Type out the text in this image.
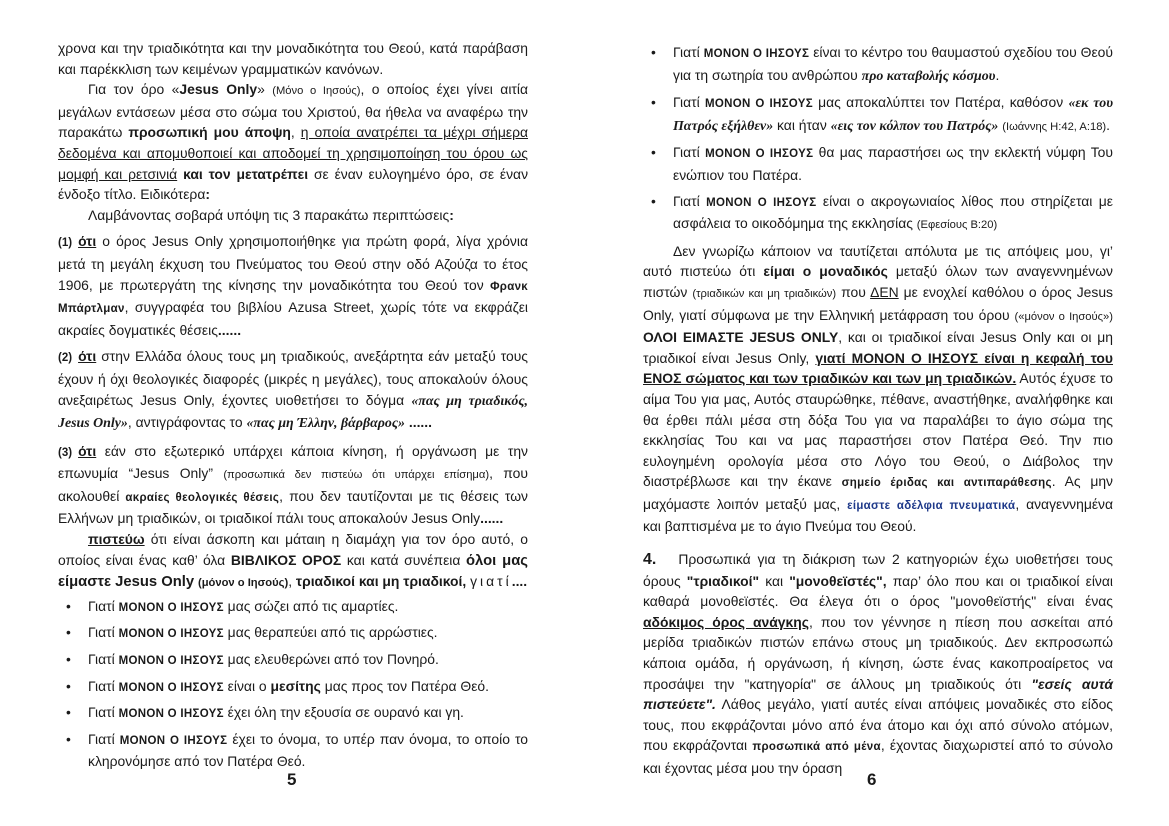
χρονα και την τριαδικότητα και την μοναδικότητα του Θεού, κατά παράβαση και παρέκκλιση των κειμένων γραμματικών κανόνων.

Για τον όρο «Jesus Only» (Μόνο ο Ιησούς), ο οποίος έχει γίνει αιτία μεγάλων εντάσεων μέσα στο σώμα του Χριστού, θα ήθελα να αναφέρω την παρακάτω προσωπική μου άποψη, η οποία ανατρέπει τα μέχρι σήμερα δεδομένα και απομυθοποιεί και αποδομεί τη χρησιμοποίηση του όρου ως μομφή και ρετσινιά και τον μετατρέπει σε έναν ευλογημένο όρο, σε έναν ένδοξο τίτλο. Ειδικότερα:

Λαμβάνοντας σοβαρά υπόψη τις 3 παρακάτω περιπτώσεις:

(1) ότι ο όρος Jesus Only χρησιμοποιήθηκε για πρώτη φορά, λίγα χρόνια μετά τη μεγάλη έκχυση του Πνεύματος του Θεού στην οδό Αζούζα το έτος 1906, με πρωτεργάτη της κίνησης την μοναδικότητα του Θεού τον Φρανκ Μπάρτλμαν, συγγραφέα του βιβλίου Azusa Street, χωρίς τότε να εκφράζει ακραίες δογματικές θέσεις......

(2) ότι στην Ελλάδα όλους τους μη τριαδικούς, ανεξάρτητα εάν μεταξύ τους έχουν ή όχι θεολογικές διαφορές (μικρές η μεγάλες), τους αποκαλούν όλους ανεξαιρέτως Jesus Only, έχοντες υιοθετήσει το δόγμα «πας μη τριαδικός, Jesus Only», αντιγράφοντας το «πας μη Έλλην, βάρβαρος» ......

(3) ότι εάν στο εξωτερικό υπάρχει κάποια κίνηση, ή οργάνωση με την επωνυμία “Jesus Only” (προσωπικά δεν πιστεύω ότι υπάρχει επίσημα), που ακολουθεί ακραίες θεολογικές θέσεις, που δεν ταυτίζονται με τις θέσεις των Ελλήνων μη τριαδικών, οι τριαδικοί πάλι τους αποκαλούν Jesus Only......

πιστεύω ότι είναι άσκοπη και μάταιη η διαμάχη για τον όρο αυτό, ο οποίος είναι ένας καθ’ όλα ΒΙΒΛΙΚΟΣ ΟΡΟΣ και κατά συνέπεια όλοι μας είμαστε Jesus Only (μόνον ο Ιησούς), τριαδικοί και μη τριαδικοί, γιατί....

• Γιατί ΜΟΝΟΝ Ο ΙΗΣΟΥΣ μας σώζει από τις αμαρτίες.
• Γιατί ΜΟΝΟΝ Ο ΙΗΣΟΥΣ μας θεραπεύει από τις αρρώστιες.
• Γιατί ΜΟΝΟΝ Ο ΙΗΣΟΥΣ μας ελευθερώνει από τον Πονηρό.
• Γιατί ΜΟΝΟΝ Ο ΙΗΣΟΥΣ είναι ο μεσίτης μας προς τον Πατέρα Θεό.
• Γιατί ΜΟΝΟΝ Ο ΙΗΣΟΥΣ έχει όλη την εξουσία σε ουρανό και γη.
• Γιατί ΜΟΝΟΝ Ο ΙΗΣΟΥΣ έχει το όνομα, το υπέρ παν όνομα, το οποίο το κληρονόμησε από τον Πατέρα Θεό.
5
• Γιατί ΜΟΝΟΝ Ο ΙΗΣΟΥΣ είναι το κέντρο του θαυμαστού σχεδίου του Θεού για τη σωτηρία του ανθρώπου προ καταβολής κόσμου.
• Γιατί ΜΟΝΟΝ Ο ΙΗΣΟΥΣ μας αποκαλύπτει τον Πατέρα, καθόσον «εκ του Πατρός εξήλθεν» και ήταν «εις τον κόλπον του Πατρός» (Ιωάννης Η:42, Α:18).
• Γιατί ΜΟΝΟΝ Ο ΙΗΣΟΥΣ θα μας παραστήσει ως την εκλεκτή νύμφη Του ενώπιον του Πατέρα.
• Γιατί ΜΟΝΟΝ Ο ΙΗΣΟΥΣ είναι ο ακρογωνιαίος λίθος που στηρίζεται με ασφάλεια το οικοδόμημα της εκκλησίας (Εφεσίους Β:20)

Δεν γνωρίζω κάποιον να ταυτίζεται απόλυτα με τις απόψεις μου, γι’ αυτό πιστεύω ότι είμαι ο μοναδικός μεταξύ όλων των αναγεννημένων πιστών (τριαδικών και μη τριαδικών) που ΔΕΝ με ενοχλεί καθόλου ο όρος Jesus Only, γιατί σύμφωνα με την Ελληνική μετάφραση του όρου («μόνον ο Ιησούς») ΟΛΟΙ ΕΙΜΑΣΤΕ JESUS ONLY, και οι τριαδικοί είναι Jesus Only και οι μη τριαδικοί είναι Jesus Only, γιατί ΜΟΝΟΝ Ο ΙΗΣΟΥΣ είναι η κεφαλή του ΕΝΟΣ σώματος και των τριαδικών και των μη τριαδικών. Αυτός έχυσε το αίμα Του για μας, Αυτός σταυρώθηκε, πέθανε, αναστήθηκε, αναλήφθηκε και θα έρθει πάλι μέσα στη δόξα Του για να παραλάβει το άγιο σώμα της εκκλησίας Του και να μας παραστήσει στον Πατέρα Θεό. Την πιο ευλογημένη ορολογία μέσα στο Λόγο του Θεού, ο Διάβολος την διαστρέβλωσε και την έκανε σημείο έριδας και αντιπαράθεσης. Ας μην μαχόμαστε λοιπόν μεταξύ μας, είμαστε αδέλφια πνευματικά, αναγεννημένα και βαπτισμένα με το άγιο Πνεύμα του Θεού.

4. Προσωπικά για τη διάκριση των 2 κατηγοριών έχω υιοθετήσει τους όρους "τριαδικοί" και "μονοθεϊστές", παρ’ όλο που και οι τριαδικοί είναι καθαρά μονοθεϊστές. Θα έλεγα ότι ο όρος "μονοθεϊστής" είναι ένας αδόκιμος όρος ανάγκης, που τον γέννησε η πίεση που ασκείται από μερίδα τριαδικών πιστών επάνω στους μη τριαδικούς. Δεν εκπροσωπώ κάποια ομάδα, ή οργάνωση, ή κίνηση, ώστε ένας κακοπροαίρετος να προσάψει την "κατηγορία" σε άλλους μη τριαδικούς ότι "εσείς αυτά πιστεύετε". Λάθος μεγάλο, γιατί αυτές είναι απόψεις μοναδικές στο είδος τους, που εκφράζονται μόνο από ένα άτομο και όχι από σύνολο ατόμων, που εκφράζονται προσωπικά από μένα, έχοντας διαχωριστεί από το σύνολο και έχοντας μέσα μου την όραση

6
